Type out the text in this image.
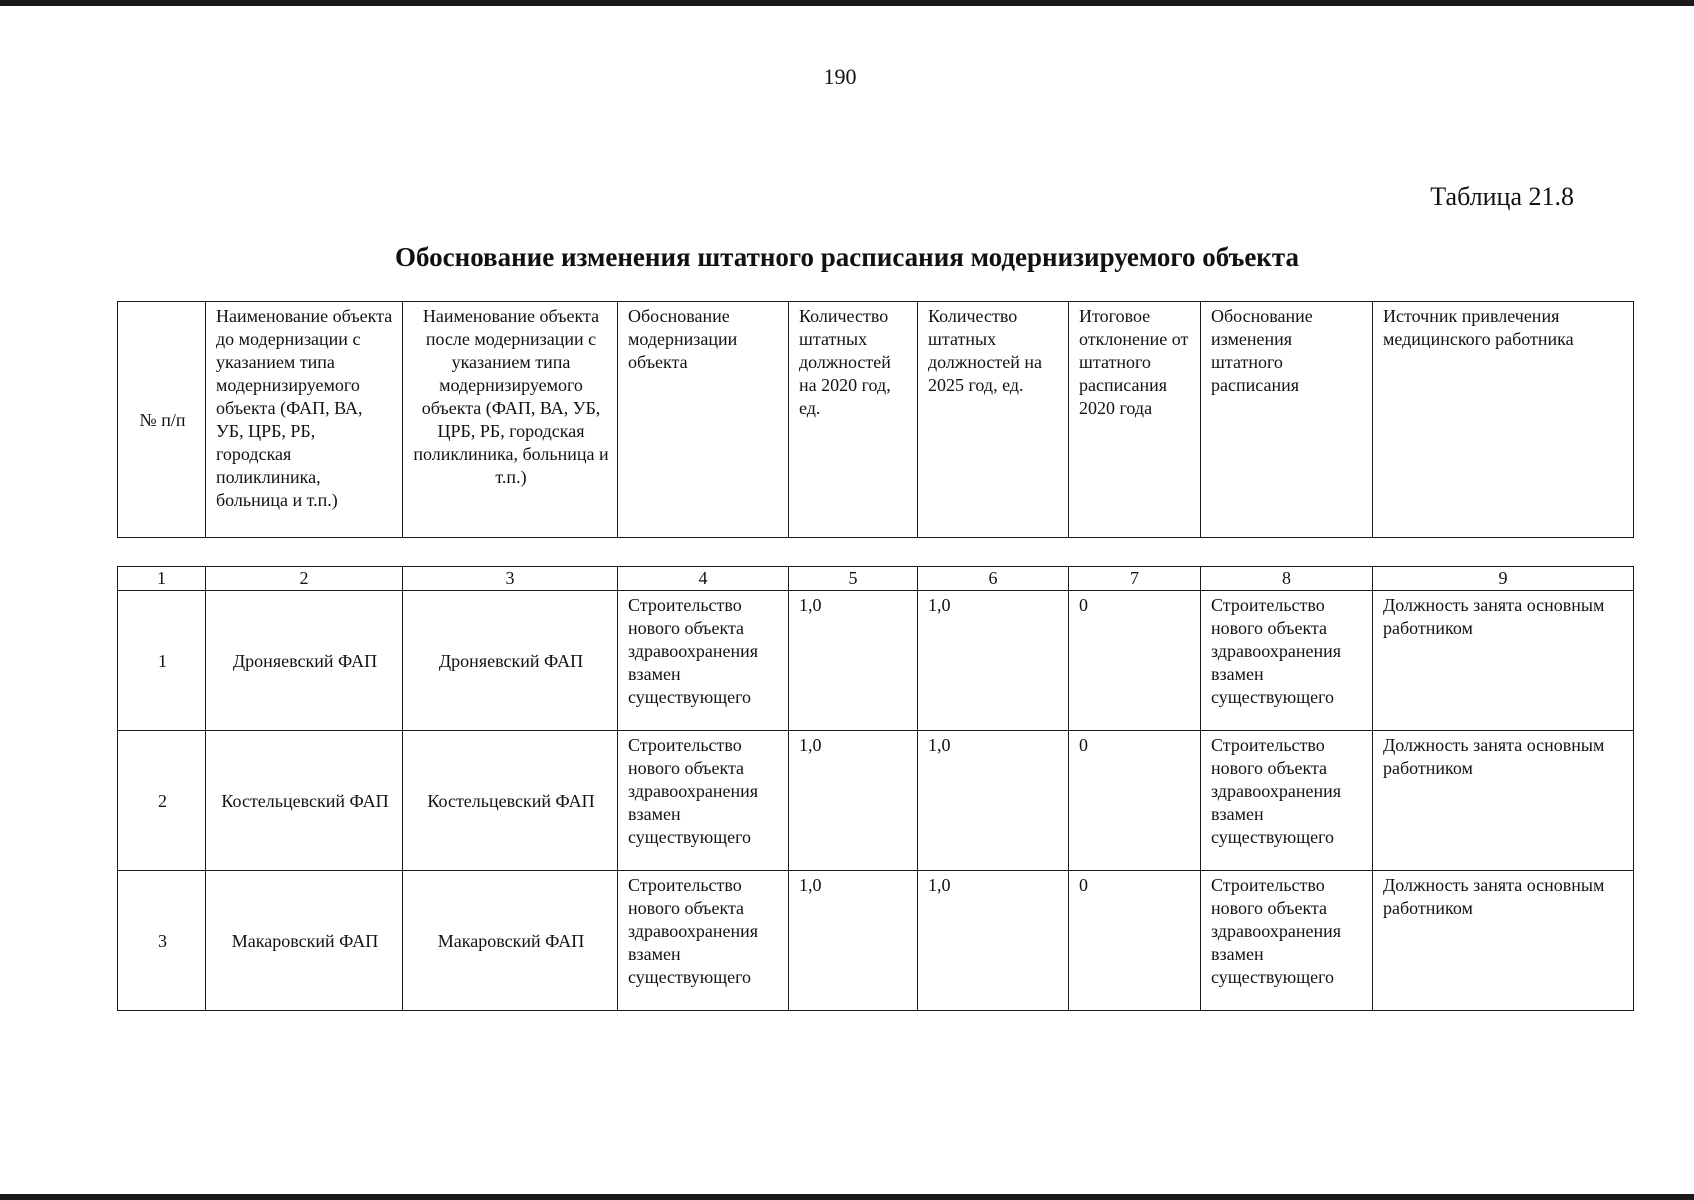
190
Таблица 21.8
Обоснование изменения штатного расписания модернизируемого объекта
№ п/п	Наименование объекта до модернизации с указанием типа модернизируемого объекта (ФАП, ВА, УБ, ЦРБ, РБ, городская поликлиника, больница и т.п.)	Наименование объекта после модернизации с указанием типа модернизируемого объекта (ФАП, ВА, УБ, ЦРБ, РБ, городская поликлиника, больница и т.п.)	Обоснование модернизации объекта	Количество штатных должностей на 2020 год, ед.	Количество штатных должностей на 2025 год, ед.	Итоговое отклонение от штатного расписания 2020 года	Обоснование изменения штатного расписания	Источник привлечения медицинского работника
1	2	3	4	5	6	7	8	9
1	Дроняевский ФАП	Дроняевский ФАП	Строительство нового объекта здравоохранения взамен существующего	1,0	1,0	0	Строительство нового объекта здравоохранения взамен существующего	Должность занята основным работником
2	Костельцевский ФАП	Костельцевский ФАП	Строительство нового объекта здравоохранения взамен существующего	1,0	1,0	0	Строительство нового объекта здравоохранения взамен существующего	Должность занята основным работником
3	Макаровский ФАП	Макаровский ФАП	Строительство нового объекта здравоохранения взамен существующего	1,0	1,0	0	Строительство нового объекта здравоохранения взамен существующего	Должность занята основным работником
